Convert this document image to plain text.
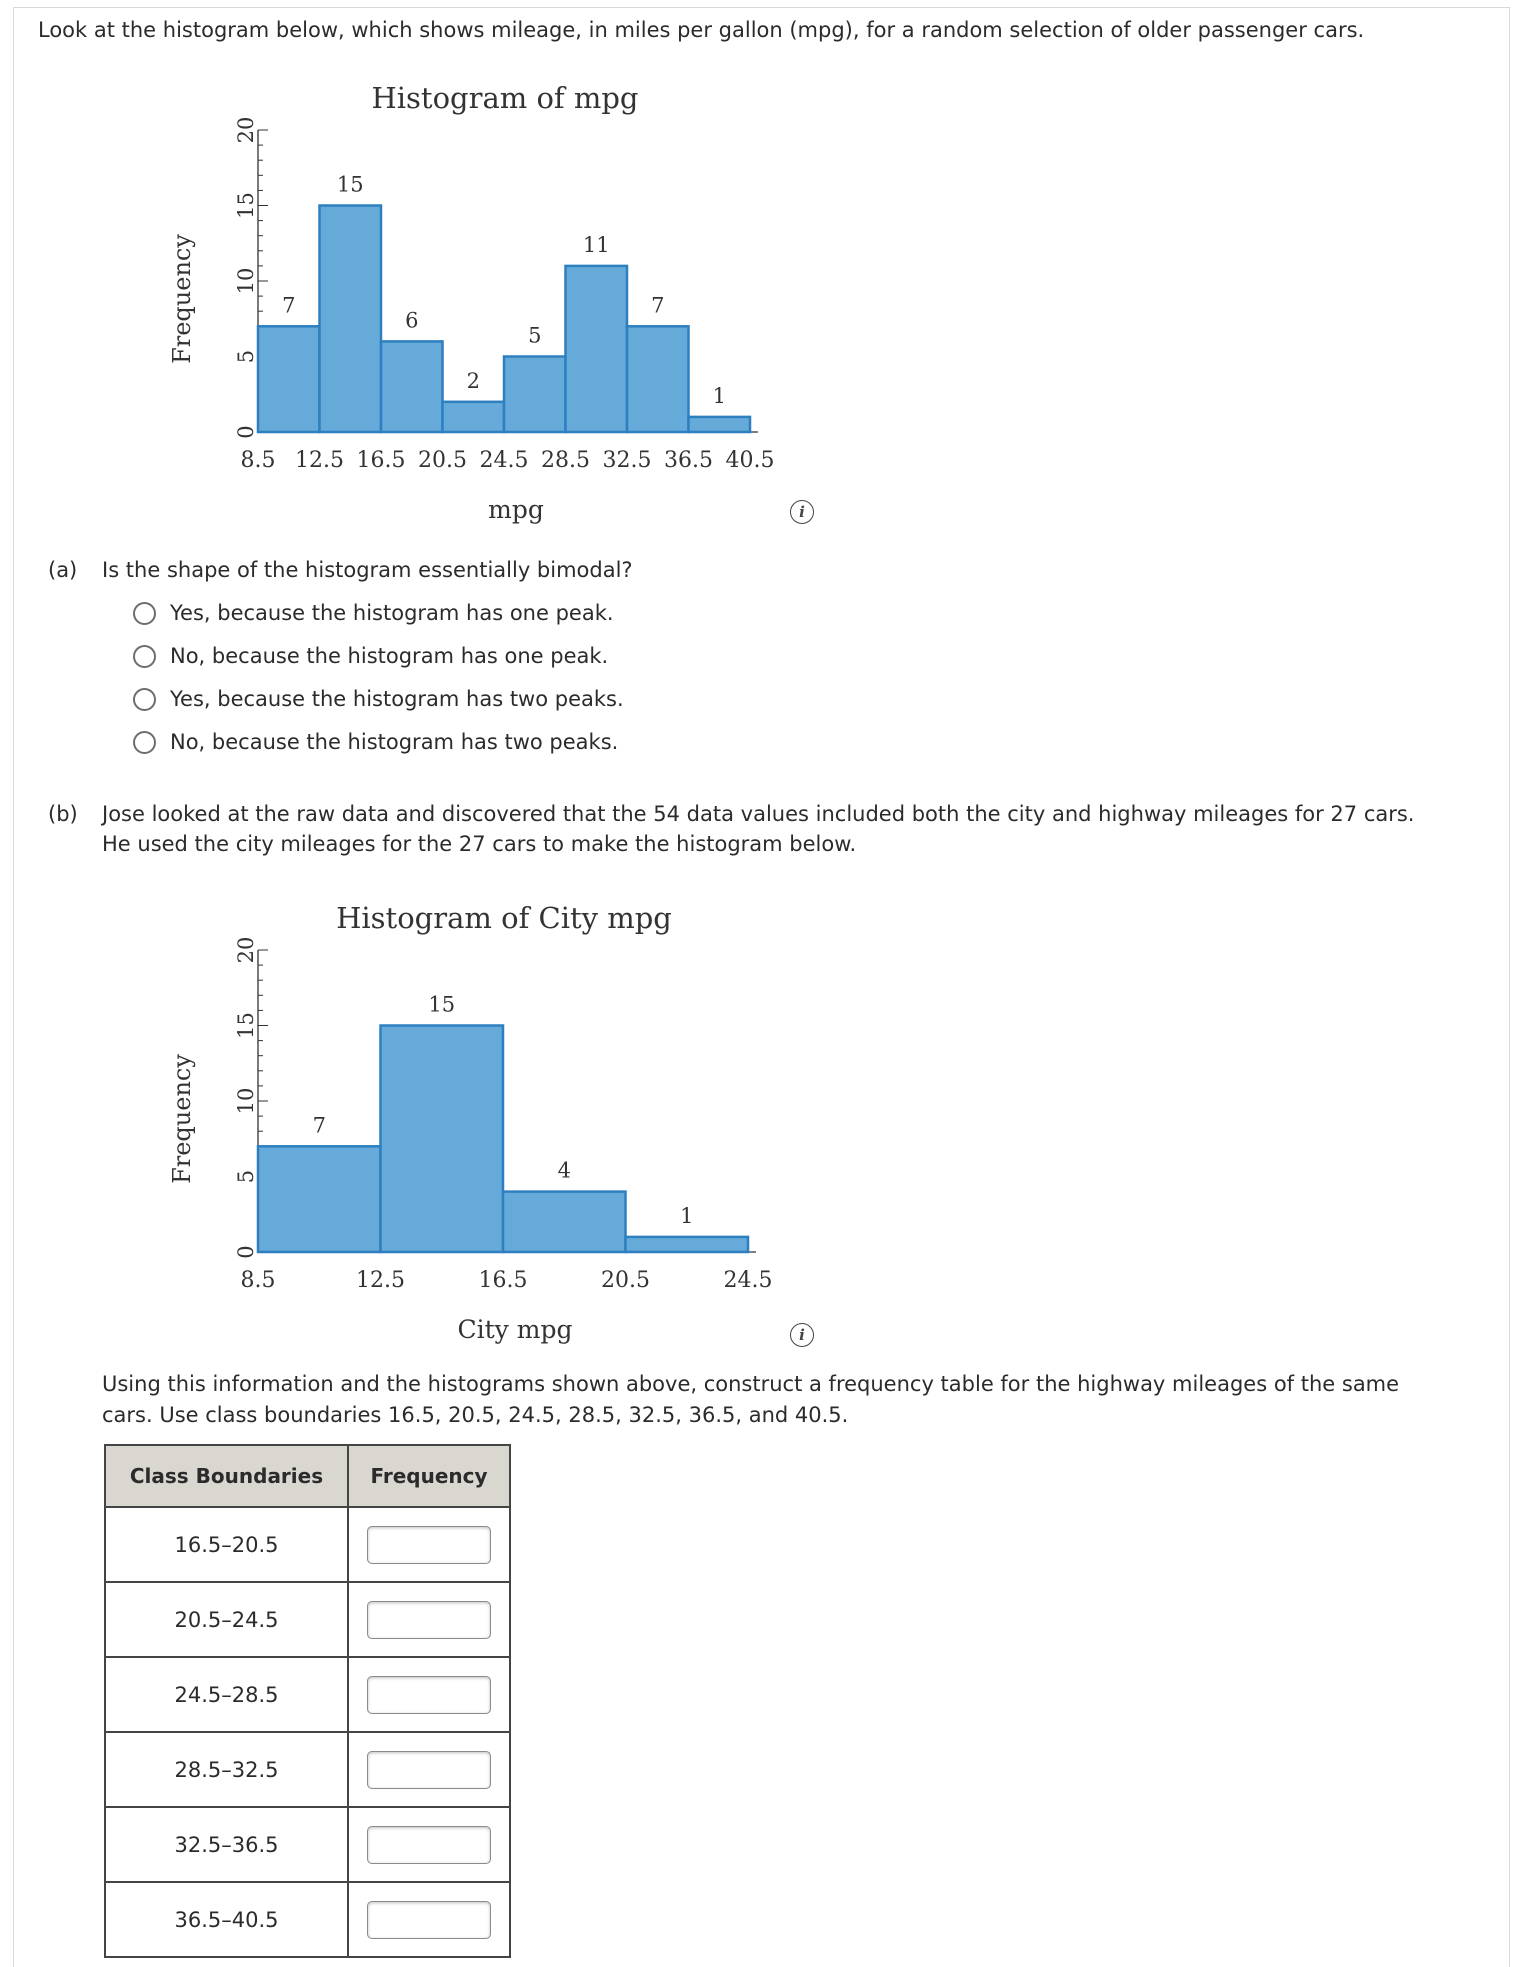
Look at the histogram below, which shows mileage, in miles per gallon (mpg), for a random selection of older passenger cars.
Histogram of mpg
0
5
10
15
20
Frequency	7
15
6
2
5
11
7
1
8.5 12.5 16.5 20.5 24.5 28.5 32.5 36.5 40.5
mpg	i
(a) Is the shape of the histogram essentially bimodal?
Yes, because the histogram has one peak.
No, because the histogram has one peak.
Yes, because the histogram has two peaks.
No, because the histogram has two peaks.
(b) Jose looked at the raw data and discovered that the 54 data values included both the city and highway mileages for 27 cars.
He used the city mileages for the 27 cars to make the histogram below.
Histogram of City mpg
0
5
10
15
20
Frequency	7
15
4
1
8.5	12.5	16.5	20.5	24.5
City mpg	i
Using this information and the histograms shown above, construct a frequency table for the highway mileages of the same
cars. Use class boundaries 16.5, 20.5, 24.5, 28.5, 32.5, 36.5, and 40.5.
Class Boundaries	Frequency
16.5–20.5	
20.5–24.5	
24.5–28.5	
28.5–32.5	
32.5–36.5	
36.5–40.5	
